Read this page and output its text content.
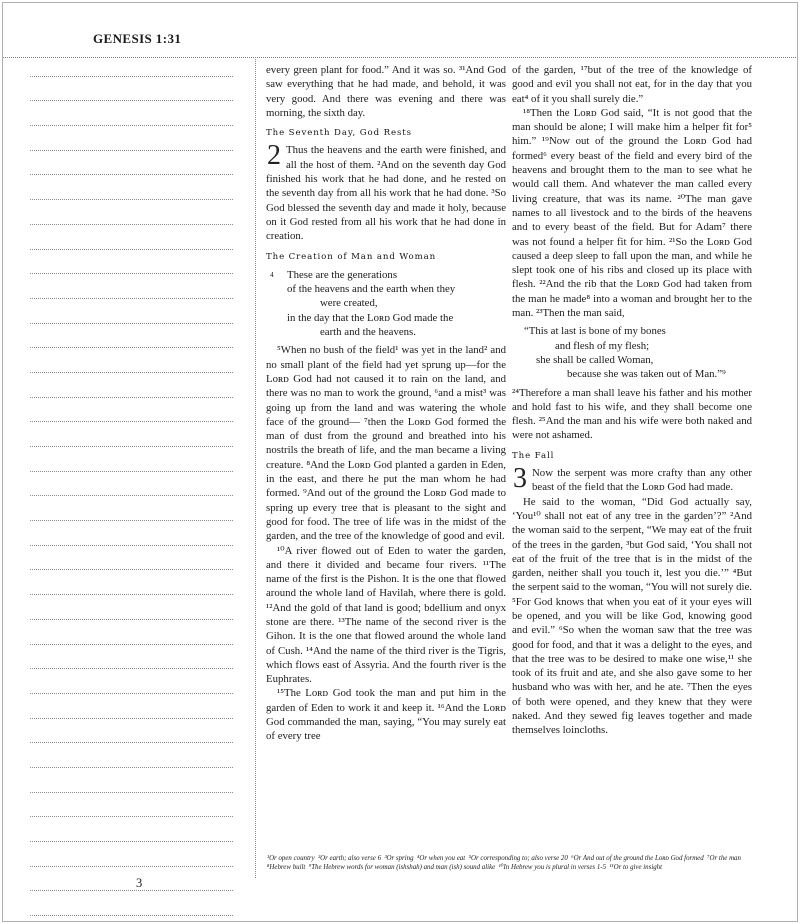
GENESIS 1:31

every green plant for food.” And it was so. ³¹And God saw everything that he had made, and behold, it was very good. And there was evening and there was morning, the sixth day.

The Seventh Day, God Rests

2 Thus the heavens and the earth were finished, and all the host of them. ²And on the seventh day God finished his work that he had done, and he rested on the seventh day from all his work that he had done. ³So God blessed the seventh day and made it holy, because on it God rested from all his work that he had done in creation.

The Creation of Man and Woman
4 These are the generations
of the heavens and the earth when they
were created,
in the day that the Lᴏʀᴅ God made the
earth and the heavens.

⁵When no bush of the field¹ was yet in the land² and no small plant of the field had yet sprung up—for the Lᴏʀᴅ God had not caused it to rain on the land, and there was no man to work the ground, ⁶and a mist³ was going up from the land and was watering the whole face of the ground— ⁷then the Lᴏʀᴅ God formed the man of dust from the ground and breathed into his nostrils the breath of life, and the man became a living creature. ⁸And the Lᴏʀᴅ God planted a garden in Eden, in the east, and there he put the man whom he had formed. ⁹And out of the ground the Lᴏʀᴅ God made to spring up every tree that is pleasant to the sight and good for food. The tree of life was in the midst of the garden, and the tree of the knowledge of good and evil.

¹⁰A river flowed out of Eden to water the garden, and there it divided and became four rivers. ¹¹The name of the first is the Pishon. It is the one that flowed around the whole land of Havilah, where there is gold. ¹²And the gold of that land is good; bdellium and onyx stone are there. ¹³The name of the second river is the Gihon. It is the one that flowed around the whole land of Cush. ¹⁴And the name of the third river is the Tigris, which flows east of Assyria. And the fourth river is the Euphrates.

¹⁵The Lᴏʀᴅ God took the man and put him in the garden of Eden to work it and keep it. ¹⁶And the Lᴏʀᴅ God commanded the man, saying, “You may surely eat of every tree

of the garden, ¹⁷but of the tree of the knowledge of good and evil you shall not eat, for in the day that you eat⁴ of it you shall surely die.”

¹⁸Then the Lᴏʀᴅ God said, “It is not good that the man should be alone; I will make him a helper fit for⁵ him.” ¹⁹Now out of the ground the Lᴏʀᴅ God had formed⁶ every beast of the field and every bird of the heavens and brought them to the man to see what he would call them. And whatever the man called every living creature, that was its name. ²⁰The man gave names to all livestock and to the birds of the heavens and to every beast of the field. But for Adam⁷ there was not found a helper fit for him. ²¹So the Lᴏʀᴅ God caused a deep sleep to fall upon the man, and while he slept took one of his ribs and closed up its place with flesh. ²²And the rib that the Lᴏʀᴅ God had taken from the man he made⁸ into a woman and brought her to the man. ²³Then the man said,

“This at last is bone of my bones
and flesh of my flesh;
she shall be called Woman,
because she was taken out of Man.”⁹

²⁴Therefore a man shall leave his father and his mother and hold fast to his wife, and they shall become one flesh. ²⁵And the man and his wife were both naked and were not ashamed.

The Fall

3 Now the serpent was more crafty than any other beast of the field that the Lᴏʀᴅ God had made.

He said to the woman, “Did God actually say, ‘You¹⁰ shall not eat of any tree in the garden’?” ²And the woman said to the serpent, “We may eat of the fruit of the trees in the garden, ³but God said, ‘You shall not eat of the fruit of the tree that is in the midst of the garden, neither shall you touch it, lest you die.’” ⁴But the serpent said to the woman, “You will not surely die. ⁵For God knows that when you eat of it your eyes will be opened, and you will be like God, knowing good and evil.” ⁶So when the woman saw that the tree was good for food, and that it was a delight to the eyes, and that the tree was to be desired to make one wise,¹¹ she took of its fruit and ate, and she also gave some to her husband who was with her, and he ate. ⁷Then the eyes of both were opened, and they knew that they were naked. And they sewed fig leaves together and made themselves loincloths.

¹Or open country  ²Or earth; also verse 6  ³Or spring  ⁴Or when you eat  ⁵Or corresponding to; also verse 20  ⁶Or And out of the ground the Lᴏʀᴅ God formed  ⁷Or the man ⁸Hebrew built  ⁹The Hebrew words for woman (ishshah) and man (ish) sound alike  ¹⁰In Hebrew you is plural in verses 1-5  ¹¹Or to give insight 
3
